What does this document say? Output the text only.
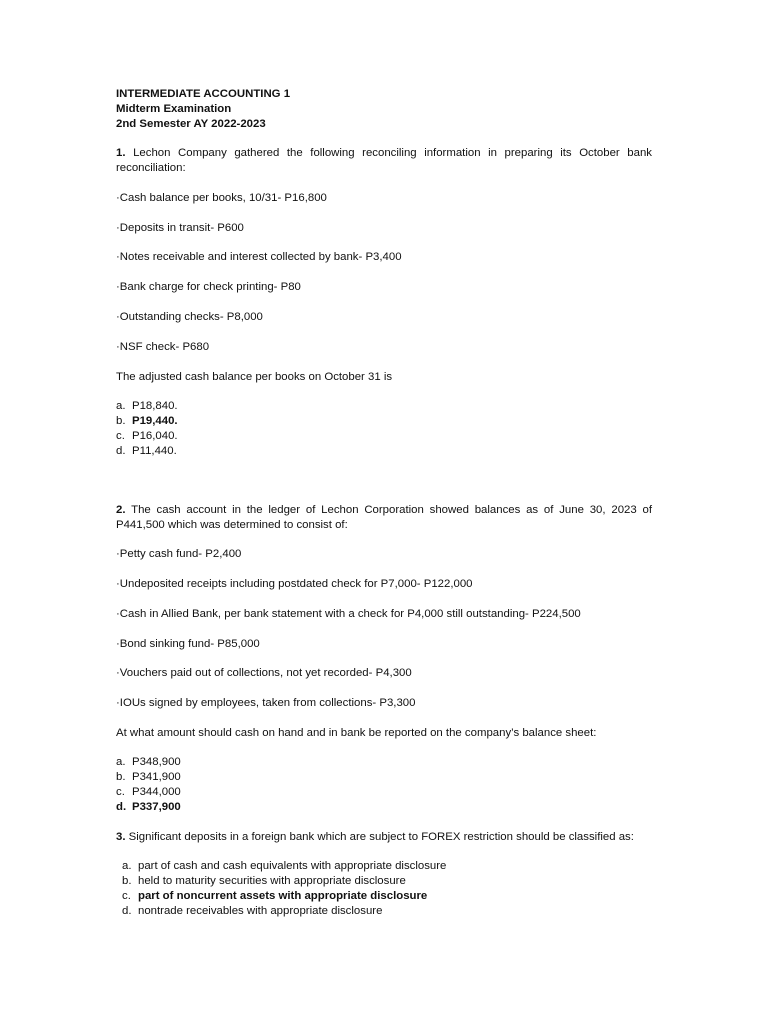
INTERMEDIATE ACCOUNTING 1
Midterm Examination
2nd Semester AY 2022-2023
1. Lechon Company gathered the following reconciling information in preparing its October bank reconciliation:
·Cash balance per books, 10/31- P16,800
·Deposits in transit- P600
·Notes receivable and interest collected by bank- P3,400
·Bank charge for check printing- P80
·Outstanding checks- P8,000
·NSF check- P680
The adjusted cash balance per books on October 31 is
a. P18,840.
b. P19,440.
c. P16,040.
d. P11,440.
2. The cash account in the ledger of Lechon Corporation showed balances as of June 30, 2023 of P441,500 which was determined to consist of:
·Petty cash fund- P2,400
·Undeposited receipts including postdated check for P7,000- P122,000
·Cash in Allied Bank, per bank statement with a check for P4,000 still outstanding- P224,500
·Bond sinking fund- P85,000
·Vouchers paid out of collections, not yet recorded- P4,300
·IOUs signed by employees, taken from collections- P3,300
At what amount should cash on hand and in bank be reported on the company’s balance sheet:
a. P348,900
b. P341,900
c. P344,000
d. P337,900
3. Significant deposits in a foreign bank which are subject to FOREX restriction should be classified as:
a. part of cash and cash equivalents with appropriate disclosure
b. held to maturity securities with appropriate disclosure
c. part of noncurrent assets with appropriate disclosure
d. nontrade receivables with appropriate disclosure
